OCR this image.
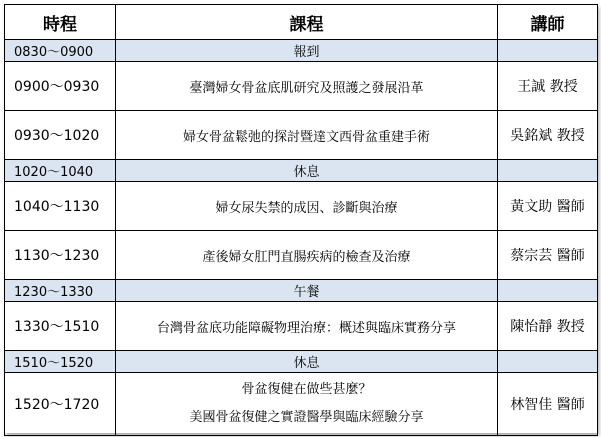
時程	課程	講師
0830～0900	報到	
0900～0930	臺灣婦女骨盆底肌研究及照護之發展沿革	王誠 教授
0930～1020	婦女骨盆鬆弛的探討暨達文西骨盆重建手術	吳銘斌 教授
1020～1040	休息	
1040～1130	婦女尿失禁的成因、診斷與治療	黃文助 醫師
1130～1230	產後婦女肛門直腸疾病的檢查及治療	蔡宗芸 醫師
1230～1330	午餐	
1330～1510	台灣骨盆底功能障礙物理治療：概述與臨床實務分享	陳怡靜 教授
1510～1520	休息	
1520～1720	骨盆復健在做些甚麼？
美國骨盆復健之實證醫學與臨床經驗分享	林智佳 醫師
